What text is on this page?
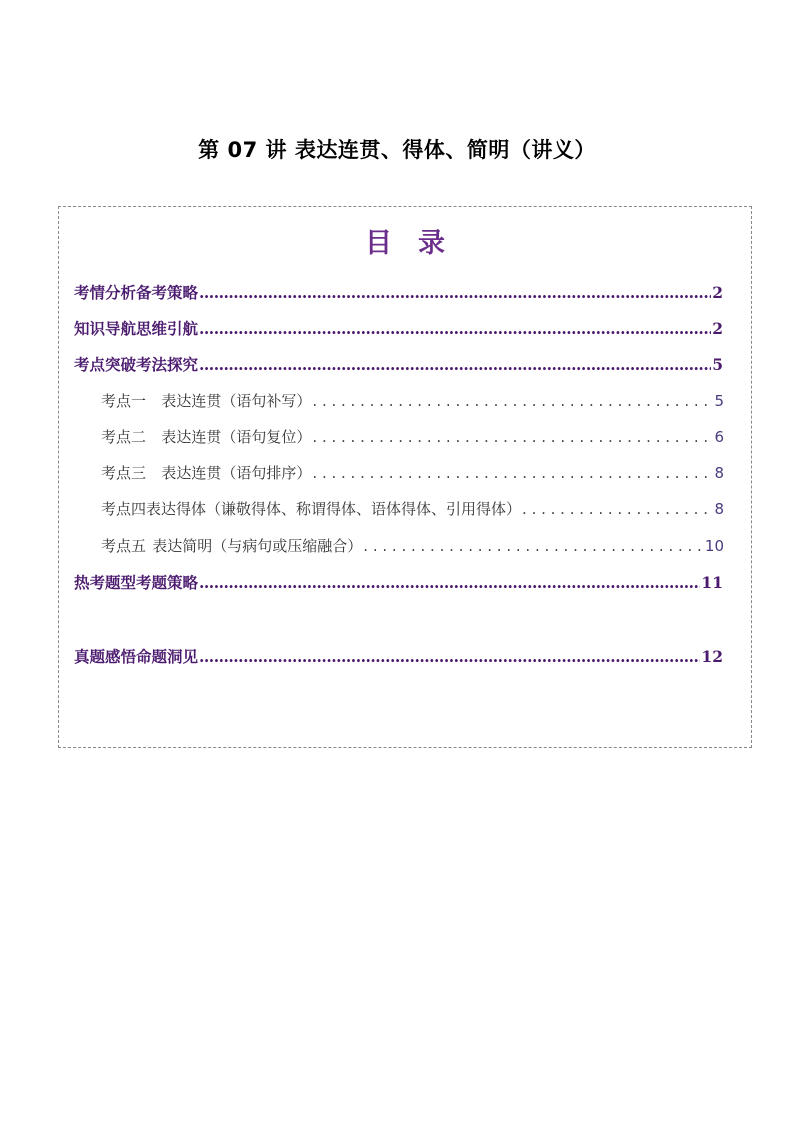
第 07 讲 表达连贯、得体、简明（讲义）
目录
考情分析备考策略 .....	2
知识导航思维引航 .....	2
考点突破考法探究 .....	5
考点一	表达连贯（语句补写） . . .	5
考点二	表达连贯（语句复位） . . .	6
考点三	表达连贯（语句排序） . . .	8
考点四 表达得体（谦敬得体、称谓得体、语体得体、引用得体） . . .	8
考点五 表达简明（与病句或压缩融合） . . .	10
热考题型考题策略 .....	11
真题感悟命题洞见 .....	12
